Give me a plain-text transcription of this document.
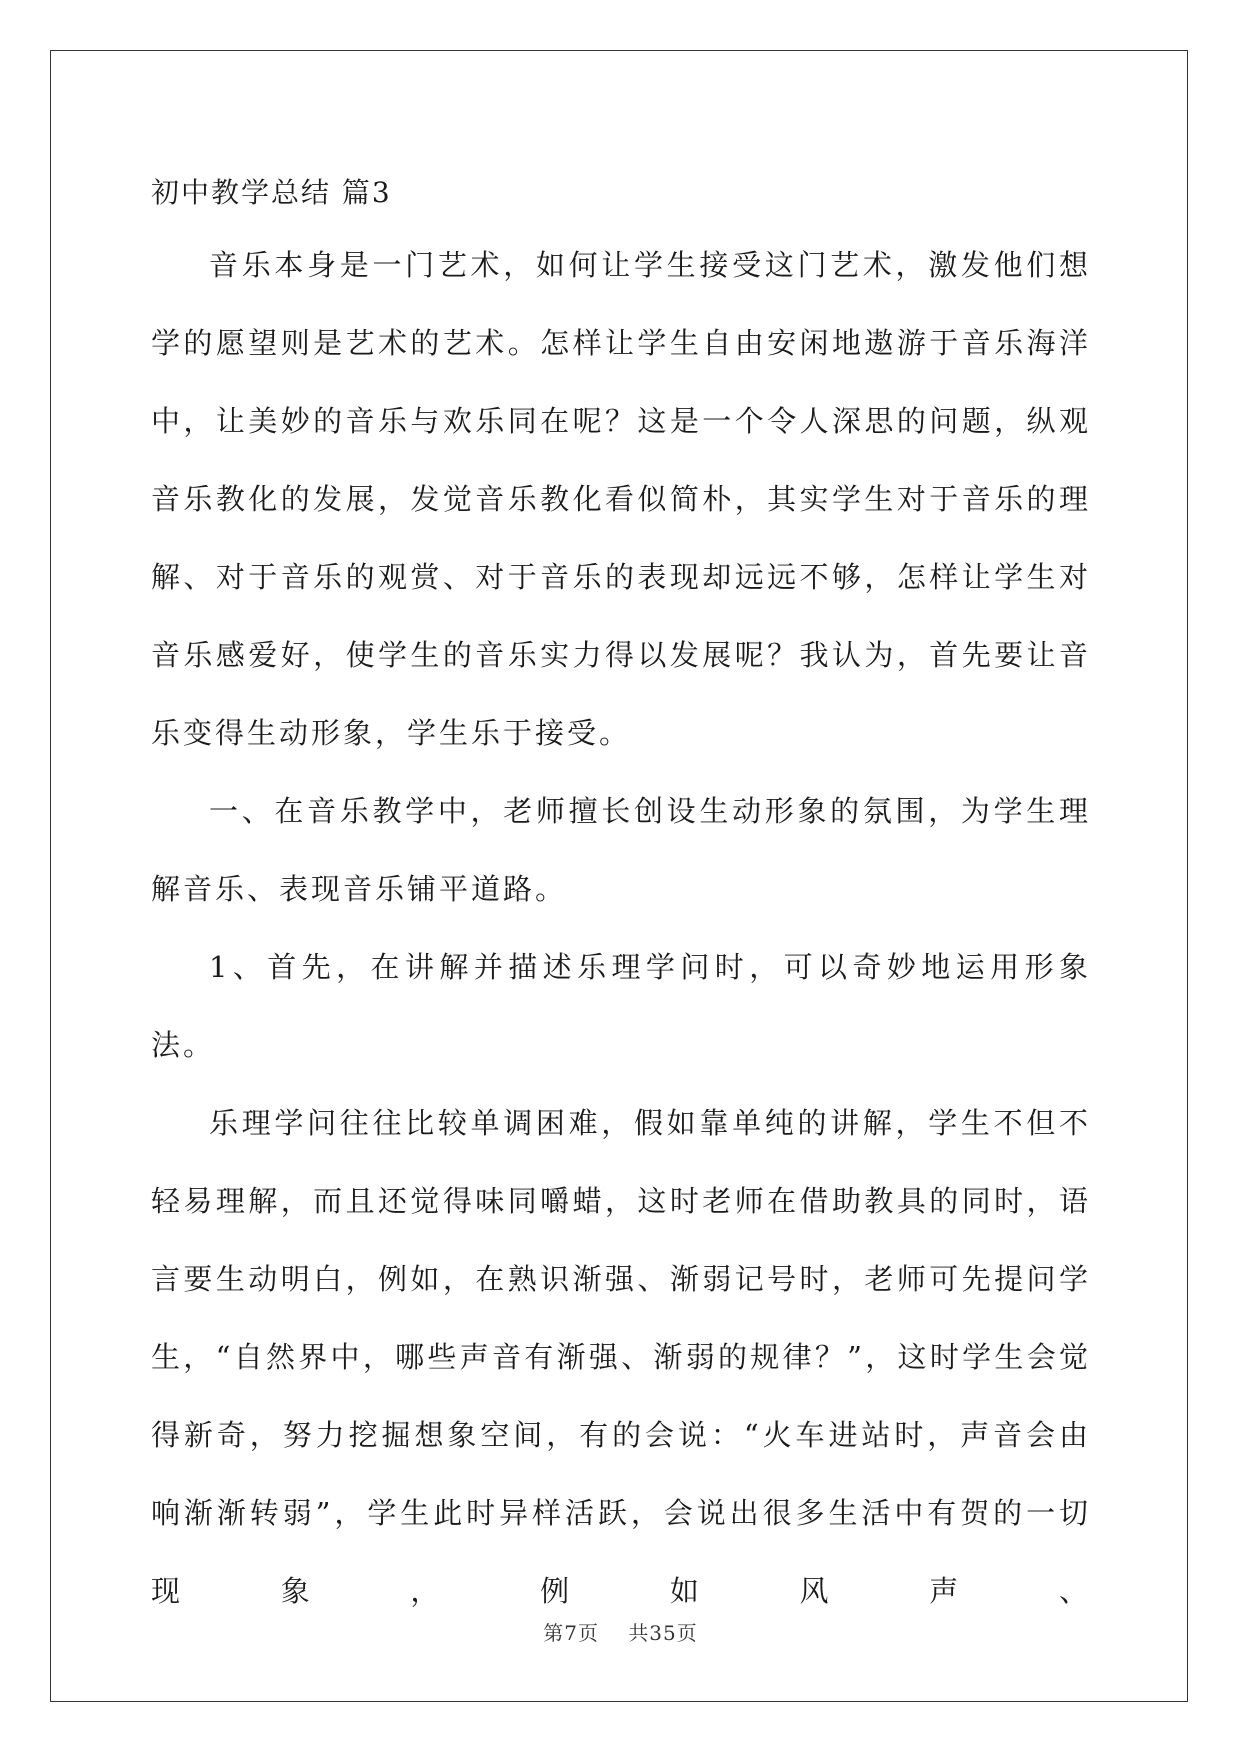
初中教学总结 篇3

音乐本身是一门艺术，如何让学生接受这门艺术，激发他们想学的愿望则是艺术的艺术。怎样让学生自由安闲地遨游于音乐海洋中，让美妙的音乐与欢乐同在呢？这是一个令人深思的问题，纵观音乐教化的发展，发觉音乐教化看似简朴，其实学生对于音乐的理解、对于音乐的观赏、对于音乐的表现却远远不够，怎样让学生对音乐感爱好，使学生的音乐实力得以发展呢？我认为，首先要让音乐变得生动形象，学生乐于接受。

一、在音乐教学中，老师擅长创设生动形象的氛围，为学生理解音乐、表现音乐铺平道路。

1、首先，在讲解并描述乐理学问时，可以奇妙地运用形象法。

乐理学问往往比较单调困难，假如靠单纯的讲解，学生不但不轻易理解，而且还觉得味同嚼蜡，这时老师在借助教具的同时，语言要生动明白，例如，在熟识渐强、渐弱记号时，老师可先提问学生，“自然界中，哪些声音有渐强、渐弱的规律？”，这时学生会觉得新奇，努力挖掘想象空间，有的会说：“火车进站时，声音会由响渐渐转弱”，学生此时异样活跃，会说出很多生活中有贺的一切现象，例如风声、

第7页 共35页
